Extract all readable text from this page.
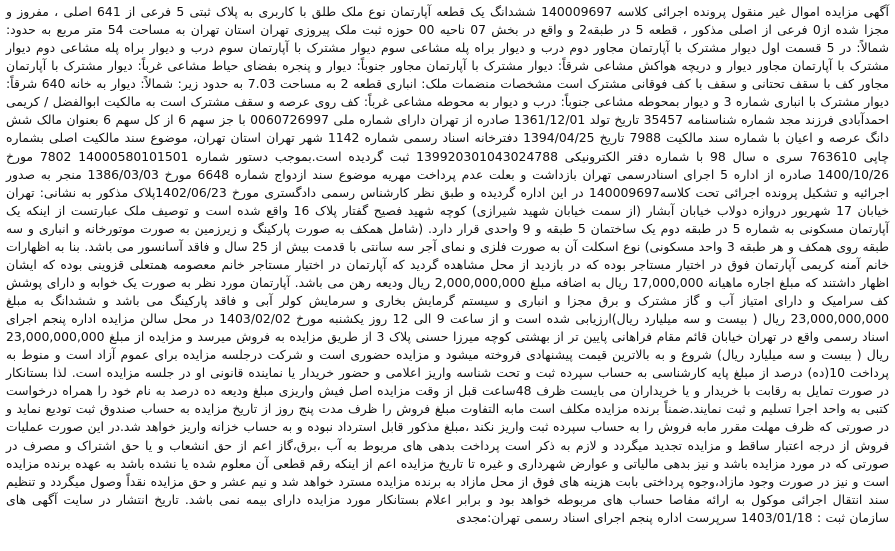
آگهی مزایده اموال غیر منقول پرونده اجرائی کلاسه 140009697 ششدانگ یک قطعه آپارتمان نوع ملک طلق با کاربری به پلاک ثبتی 5 فرعی از 641 اصلی ، مفروز و مجزا شده از0 فرعی از اصلی مذکور ، قطعه 5 در طبقه2 و واقع در بخش 07 ناحیه 00 حوزه ثبت ملک پیروزی تهران استان تهران به مساحت 54 متر مربع به حدود: شمالاً: در 5 قسمت اول دیوار مشترک با آپارتمان مجاور دوم درب و دیوار براه پله مشاعی سوم دیوار مشترک با آپارتمان سوم درب و دیوار براه پله مشاعی دوم دیوار مشترک با آپارتمان مجاور دیوار و دریچه هواکش مشاعی شرقاً: دیوار مشترک با آپارتمان مجاور جنوباً: دیوار و پنجره بفضای حیاط مشاعی غرباً: دیوار مشترک با آپارتمان مجاور کف با سقف تحتانی و سقف با کف فوقانی مشترک است مشخصات منضمات ملک: انباری قطعه 2 به مساحت 7.03 به حدود زیر: شمالاً: دیوار به خانه 640 شرقاً: دیوار مشترک با انباری شماره 3 و دیوار بمحوطه مشاعی جنوباً: درب و دیوار به محوطه مشاعی غرباً: کف روی عرصه و سقف مشترک است به مالکیت ابوالفضل / کریمی احمدآبادی فرزند مجد شماره شناسنامه 35457 تاریخ تولد 1361/12/01 صادره از تهران دارای شماره ملی 0060726997 با جز سهم 6 از کل سهم 6 بعنوان مالک شش دانگ عرصه و اعیان با شماره سند مالکیت 7988 تاریخ 1394/04/25 دفترخانه اسناد رسمی شماره 1142 شهر تهران استان تهران، موضوع سند مالکیت اصلی بشماره چاپی 763610 سری ه سال 98 با شماره دفتر الکترونیکی 139920301043024788 ثبت گردیده است.بموجب دستور شماره 14000580101501 7802 مورخ 1400/10/26 صادره از اداره 5 اجرای اسنادرسمی تهران بازداشت و بعلت عدم پرداخت مهریه موضوع سند ازدواج شماره 6648 مورخ 1386/03/03 منجر به صدور اجرائیه و تشکیل پرونده اجرائی تحت کلاسه140009697 در این اداره گردیده و طبق نظر کارشناس رسمی دادگستری مورخ 1402/06/23پلاک مذکور به نشانی: تهران خیابان 17 شهریور دروازه دولاب خیابان آبشار (از سمت خیابان شهید شیرازی) کوچه شهید فصیح گفتار پلاک 16 واقع شده است و توصیف ملک عبارتست از اینکه یک آپارتمان مسکونی به شماره 5 در طبقه دوم یک ساختمان 5 طبقه و 9 واحدی قرار دارد. (شامل همکف به صورت پارکینگ و زیرزمین به صورت موتورخانه و انباری و سه طبقه روی همکف و هر طبقه 3 واحد مسکونی) نوع اسکلت آن به صورت فلزی و نمای آجر سه سانتی با قدمت بیش از 25 سال و فاقد آسانسور می باشد. بنا به اظهارات خانم آمنه کریمی آپارتمان فوق در اختیار مستاجر بوده که در بازدید از محل مشاهده گردید که آپارتمان در اختیار مستاجر خانم معصومه همتعلی قزوینی بوده که ایشان اظهار داشتند که مبلغ اجاره ماهیانه 17,000,000 ریال به اضافه مبلغ 2,000,000,000 ریال ودیعه رهن می باشد. آپارتمان مورد نظر به صورت یک خوابه و دارای پوشش کف سرامیک و دارای امتیاز آب و گاز مشترک و برق مجزا و انباری و سیستم گرمایش بخاری و سرمایش کولر آبی و فاقد پارکینگ می باشد و ششدانگ به مبلغ 23,000,000,000 ریال ( بیست و سه میلیارد ریال)ارزیابی شده است و از ساعت 9 الی 12 روز یکشنبه مورخ 1403/02/02 در محل سالن مزایده اداره پنجم اجرای اسناد رسمی واقع در تهران خیابان قائم مقام فراهانی پایین تر از بهشتی کوچه میرزا حسنی پلاک 3 از طریق مزایده به فروش میرسد و مزایده از مبلغ 23,000,000,000 ریال ( بیست و سه میلیارد ریال) شروع و به بالاترین قیمت پیشنهادی فروخته میشود و مزایده حضوری است و شرکت درجلسه مزایده برای عموم آزاد است و منوط به پرداخت 10(ده) درصد از مبلغ پایه کارشناسی به حساب سپرده ثبت و تحت شناسه واریز اعلامی و حضور خریدار یا نماینده قانونی او در جلسه مزایده است. لذا بستانکار در صورت تمایل به رقابت با خریدار و یا خریداران می بایست ظرف 48ساعت قبل از وقت مزایده اصل فیش واریزی مبلغ ودیعه ده درصد به نام خود را همراه درخواست کتبی به واحد اجرا تسلیم و ثبت نمایند.ضمناً برنده مزایده مکلف است مابه التفاوت مبلغ فروش را ظرف مدت پنج روز از تاریخ مزایده به حساب صندوق ثبت تودیع نماید و در صورتی که ظرف مهلت مقرر مابه فروش را به حساب سپرده ثبت واریز نکند ،مبلغ مذکور قابل استرداد نبوده و به حساب خزانه واریز خواهد شد.در این صورت عملیات فروش از درجه اعتبار ساقط و مزایده تجدید میگردد و لازم به ذکر است پرداخت بدهی های مربوط به آب ،برق،گاز اعم از حق انشعاب و یا حق اشتراک و مصرف در صورتی که در مورد مزایده باشد و نیز بدهی مالیاتی و عوارض شهرداری و غیره تا تاریخ مزایده اعم از اینکه رقم قطعی آن معلوم شده یا نشده باشد به عهده برنده مزایده است و نیز در صورت وجود مازاد،وجوه پرداختی بابت هزینه های فوق از محل مازاد به برنده مزایده مسترد خواهد شد و نیم عشر و حق مزایده نقداً وصول میگردد و تنظیم سند انتقال اجرائی موکول به ارائه مفاصا حساب های مربوطه خواهد بود و برابر اعلام بستانکار مورد مزایده دارای بیمه نمی باشد. تاریخ انتشار در سایت آگهی های سازمان ثبت : 1403/01/18 سرپرست اداره پنجم اجرای اسناد رسمی تهران:مجدی
